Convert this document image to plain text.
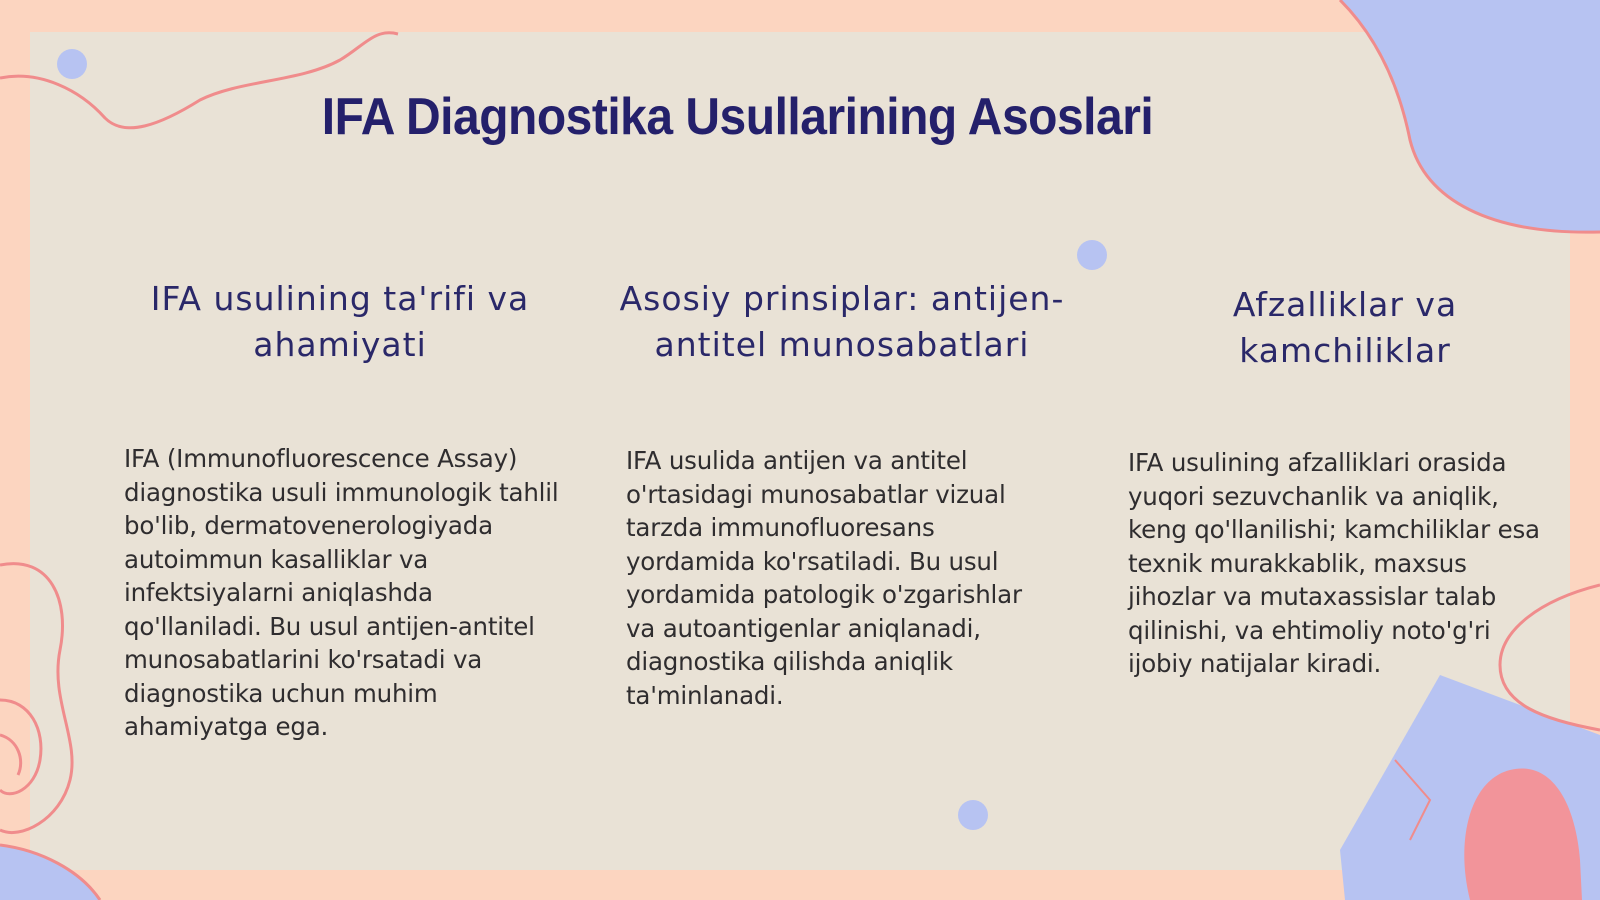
IFA Diagnostika Usullarining Asoslari
IFA usulining ta'rifi va ahamiyati
Asosiy prinsiplar: antijen-antitel munosabatlari
Afzalliklar va kamchiliklar
IFA (Immunofluorescence Assay) diagnostika usuli immunologik tahlil bo'lib, dermatovenerologiyada autoimmun kasalliklar va infektsiyalarni aniqlashda qo'llaniladi. Bu usul antijen-antitel munosabatlarini ko'rsatadi va diagnostika uchun muhim ahamiyatga ega.
IFA usulida antijen va antitel o'rtasidagi munosabatlar vizual tarzda immunofluoresans yordamida ko'rsatiladi. Bu usul yordamida patologik o'zgarishlar va autoantigenlar aniqlanadi, diagnostika qilishda aniqlik ta'minlanadi.
IFA usulining afzalliklari orasida yuqori sezuvchanlik va aniqlik, keng qo'llanilishi; kamchiliklar esa texnik murakkablik, maxsus jihozlar va mutaxassislar talab qilinishi, va ehtimoliy noto'g'ri ijobiy natijalar kiradi.
